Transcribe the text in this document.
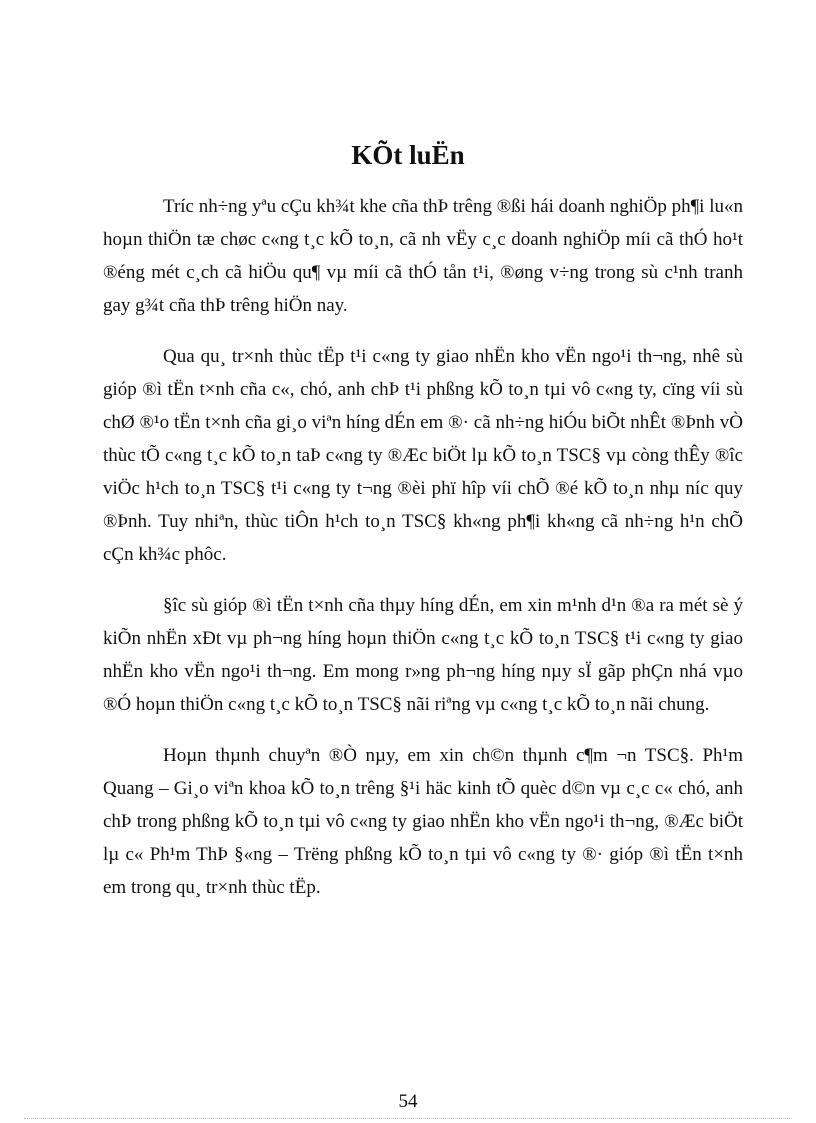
KÕt luËn

Tríc nh÷ng yªu cÇu kh¾t khe cña thÞ trêng ®ßi hái doanh nghiÖp ph¶i lu«n hoµn thiÖn tæ chøc c«ng t¸c kÕ to¸n, cã nh vËy c¸c doanh nghiÖp míi cã thÓ ho¹t ®éng mét c¸ch cã hiÖu qu¶ vµ míi cã thÓ tån t¹i, ®øng v÷ng trong sù c¹nh tranh gay g¾t cña thÞ trêng hiÖn nay.

Qua qu¸ tr×nh thùc tËp t¹i c«ng ty giao nhËn kho vËn ngo¹i th¬ng, nhê sù gióp ®ì tËn t×nh cña c«, chó, anh chÞ t¹i phßng kÕ to¸n tµi vô c«ng ty, cïng víi sù chØ ®¹o tËn t×nh cña gi¸o viªn híng dÉn em ®· cã nh÷ng hiÓu biÕt nhÊt ®Þnh vÒ thùc tÕ c«ng t¸c kÕ to¸n taÞ c«ng ty ®Æc biÖt lµ kÕ to¸n TSC§ vµ còng thÊy ®îc viÖc h¹ch to¸n TSC§ t¹i c«ng ty t¬ng ®èi phï hîp víi chÕ ®é kÕ to¸n nhµ níc quy ®Þnh. Tuy nhiªn, thùc tiÔn h¹ch to¸n TSC§ kh«ng ph¶i kh«ng cã nh÷ng h¹n chÕ cÇn kh¾c phôc.

§îc sù gióp ®ì tËn t×nh cña thµy híng dÉn, em xin m¹nh d¹n ®a ra mét sè ý kiÕn nhËn xÐt vµ ph¬ng híng hoµn thiÖn c«ng t¸c kÕ to¸n TSC§ t¹i c«ng ty giao nhËn kho vËn ngo¹i th¬ng. Em mong r»ng ph¬ng híng nµy sÏ gãp phÇn nhá vµo ®Ó hoµn thiÖn c«ng t¸c kÕ to¸n TSC§ nãi riªng vµ c«ng t¸c kÕ to¸n nãi chung.

Hoµn thµnh chuyªn ®Ò nµy, em xin ch©n thµnh c¶m ¬n TSC§. Ph¹m Quang – Gi¸o viªn khoa kÕ to¸n trêng §¹i häc kinh tÕ quèc d©n vµ c¸c c« chó, anh chÞ trong phßng kÕ to¸n tµi vô c«ng ty giao nhËn kho vËn ngo¹i th¬ng, ®Æc biÖt lµ c« Ph¹m ThÞ §«ng – Trëng phßng kÕ to¸n tµi vô c«ng ty ®· gióp ®ì tËn t×nh em trong qu¸ tr×nh thùc tËp.

54
